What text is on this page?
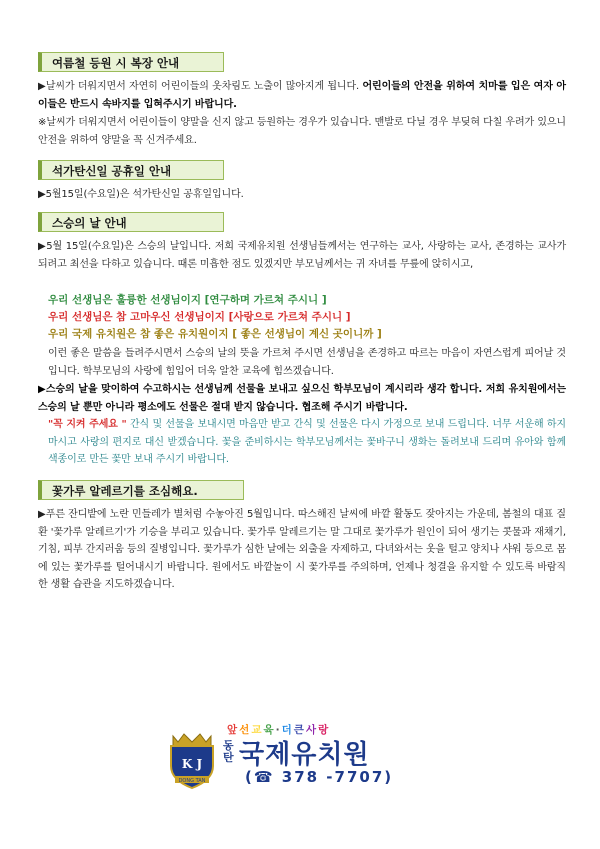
여름철 등원 시 복장 안내

▶날씨가 더워지면서 자연히 어린이들의 옷차림도 노출이 많아지게 됩니다. 어린이들의 안전을 위하여 치마를 입은 여자 아이들은 반드시 속바지를 입혀주시기 바랍니다.

※날씨가 더워지면서 어린이들이 양말을 신지 않고 등원하는 경우가 있습니다. 맨발로 다닐 경우 부딪혀 다칠 우려가 있으니 안전을 위하여 양말을 꼭 신겨주세요.

석가탄신일 공휴일 안내

▶5월15일(수요일)은 석가탄신일 공휴일입니다.

스승의 날 안내

▶5월 15일(수요일)은 스승의 날입니다. 저희 국제유치원 선생님들께서는 연구하는 교사, 사랑하는 교사, 존경하는 교사가 되려고 최선을 다하고 있습니다. 때론 미흡한 점도 있겠지만 부모님께서는 귀 자녀를 무릎에 앉히시고,

우리 선생님은 훌륭한 선생님이지 [연구하며 가르쳐 주시니 ]
우리 선생님은 참 고마우신 선생님이지 [사랑으로 가르쳐 주시니 ]
우리 국제 유치원은 참 좋은 유치원이지 [ 좋은 선생님이 계신 곳이니까 ]

이런 좋은 말씀을 들려주시면서 스승의 날의 뜻을 가르쳐 주시면 선생님을 존경하고 따르는 마음이 자연스럽게 피어날 것입니다. 학부모님의 사랑에 힘입어 더욱 알찬 교육에 힘쓰겠습니다.

▶스승의 날을 맞이하여 수고하시는 선생님께 선물을 보내고 싶으신 학부모님이 계시리라 생각 합니다. 저희 유치원에서는 스승의 날 뿐만 아니라 평소에도 선물은 절대 받지 않습니다. 협조해 주시기 바랍니다.

"꼭 지켜 주세요 " 간식 및 선물을 보내시면 마음만 받고 간식 및 선물은 다시 가정으로 보내 드립니다. 너무 서운해 하지 마시고 사랑의 편지로 대신 받겠습니다. 꽃을 준비하시는 학부모님께서는 꽃바구니 생화는 돌려보내 드리며 유아와 함께 색종이로 만든 꽃만 보내 주시기 바랍니다.

꽃가루 알레르기를 조심해요.

▶푸른 잔디밭에 노란 민들레가 별처럼 수놓아진 5월입니다. 따스해진 날씨에 바깥 활동도 잦아지는 가운데, 봄철의 대표 질환 '꽃가루 알레르기'가 기승을 부리고 있습니다. 꽃가루 알레르기는 말 그대로 꽃가루가 원인이 되어 생기는 콧물과 재채기, 기침, 피부 간지러움 등의 질병입니다. 꽃가루가 심한 날에는 외출을 자제하고, 다녀와서는 옷을 털고 양치나 샤워 등으로 몸에 있는 꽃가루를 털어내시기 바랍니다. 원에서도 바깥놀이 시 꽃가루를 주의하며, 언제나 청결을 유지할 수 있도록 바람직한 생활 습관을 지도하겠습니다.

앞선교육·더큰사랑
K J
DONG TAN
동탄 국제유치원
(☎ 378 -7707)
